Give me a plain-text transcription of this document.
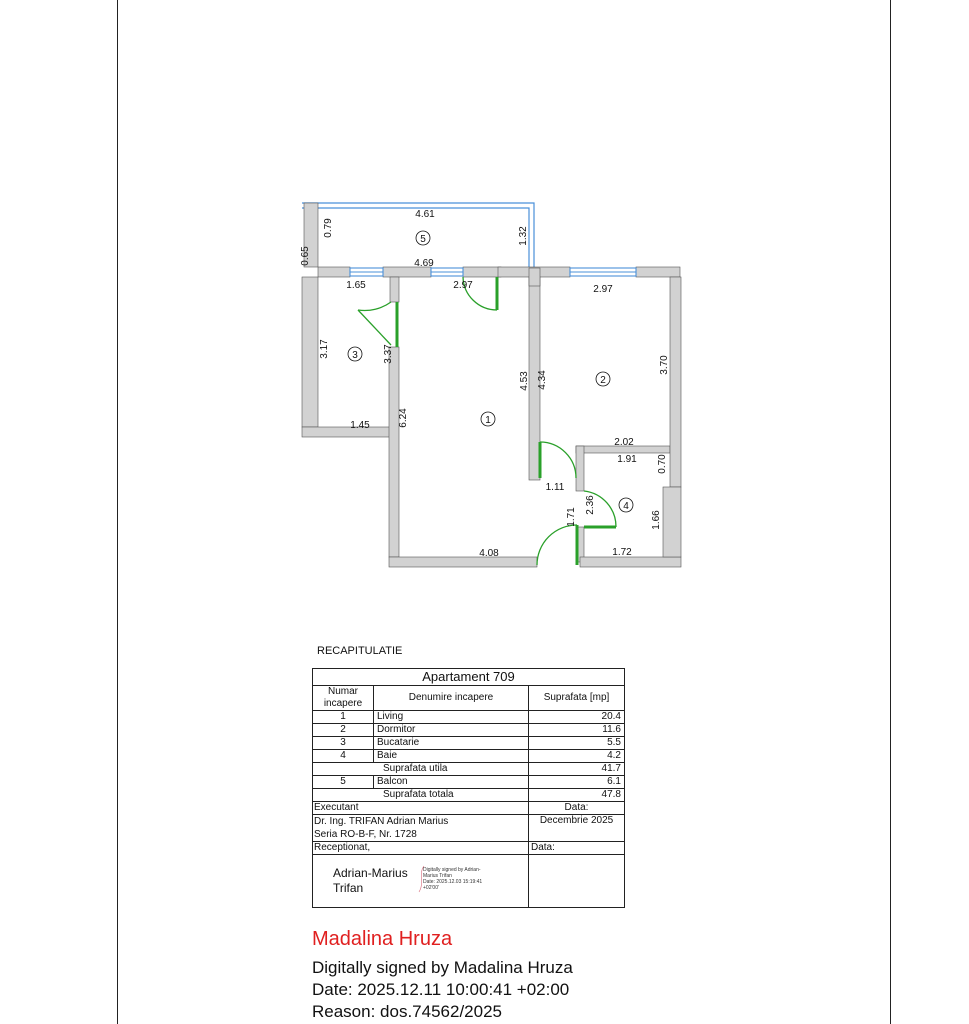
1
2
3
4
5
4.61
0.79
0.65
1.32
4.69
1.65
3.17	3.37
1.45
2.97
6.24
4.53
4.08
4.34
2.97
3.70
2.02
1.91 0.70
1.66
1.72
1.11
2.36
1.71
RECAPITULATIE
Apartament 709		
Numar incapere	Denumire incapere	Suprafata [mp]
1	Living	20.4
2	Dormitor	11.6
3	Bucatarie	5.5
4	Baie	4.2
Suprafata utila		41.7
5	Balcon	6.1
Suprafata totala		47.8
Executant		Data:

Dr. Ing. TRIFAN Adrian Marius
Seria RO-B-F, Nr. 1728		Decembrie 2025
Receptionat,		Data:

Adrian-Marius
Trifan
Digitally signed by Adrian-
Marius Trifan
Date: 2025.12.03 15:19:41
+02'00'
Madalina Hruza
Digitally signed by Madalina Hruza
Date: 2025.12.11 10:00:41 +02:00
Reason: dos.74562/2025
